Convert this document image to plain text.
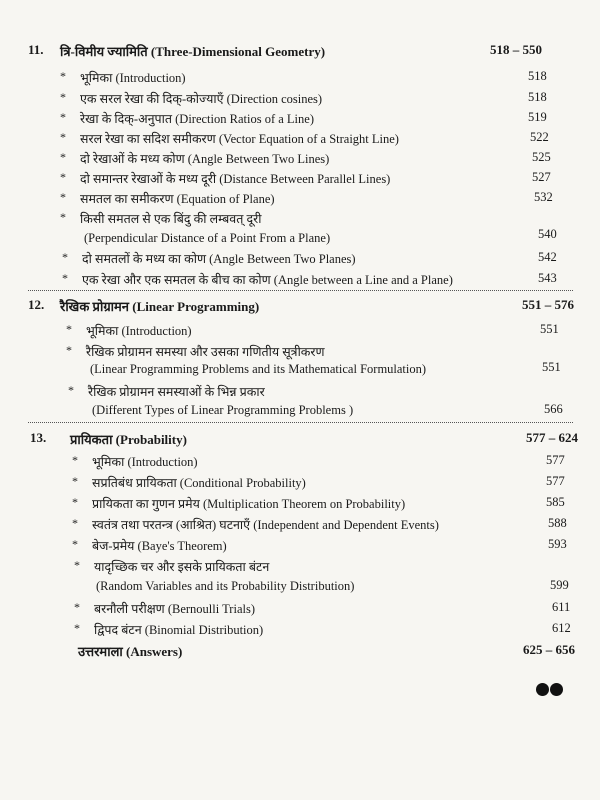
11. त्रि-विमीय ज्यामिति (Three-Dimensional Geometry)	518 – 550
* भूमिका (Introduction)	518
* एक सरल रेखा की दिक्-कोज्याएँ (Direction cosines)	518
* रेखा के दिक्-अनुपात (Direction Ratios of a Line)	519
* सरल रेखा का सदिश समीकरण (Vector Equation of a Straight Line)	522
* दो रेखाओं के मध्य कोण (Angle Between Two Lines)	525
* दो समान्तर रेखाओं के मध्य दूरी (Distance Between Parallel Lines)	527
* समतल का समीकरण (Equation of Plane)	532
* किसी समतल से एक बिंदु की लम्बवत् दूरी
(Perpendicular Distance of a Point From a Plane)	540
* दो समतलों के मध्य का कोण (Angle Between Two Planes)	542
* एक रेखा और एक समतल के बीच का कोण (Angle between a Line and a Plane)	543
12. रैखिक प्रोग्रामन (Linear Programming)	551 – 576
* भूमिका (Introduction)	551
* रैखिक प्रोग्रामन समस्या और उसका गणितीय सूत्रीकरण
(Linear Programming Problems and its Mathematical Formulation)	551
* रैखिक प्रोग्रामन समस्याओं के भिन्न प्रकार
(Different Types of Linear Programming Problems )	566
13. प्रायिकता (Probability)	577 – 624
* भूमिका (Introduction)	577
* सप्रतिबंध प्रायिकता (Conditional Probability)	577
* प्रायिकता का गुणन प्रमेय (Multiplication Theorem on Probability)	585
* स्वतंत्र तथा परतन्त्र (आश्रित) घटनाएँ (Independent and Dependent Events)	588
* बेज-प्रमेय (Baye's Theorem)	593
* यादृच्छिक चर और इसके प्रायिकता बंटन
(Random Variables and its Probability Distribution)	599
* बरनौली परीक्षण (Bernoulli Trials)	611
* द्विपद बंटन (Binomial Distribution)	612
उत्तरमाला (Answers)	625 – 656
